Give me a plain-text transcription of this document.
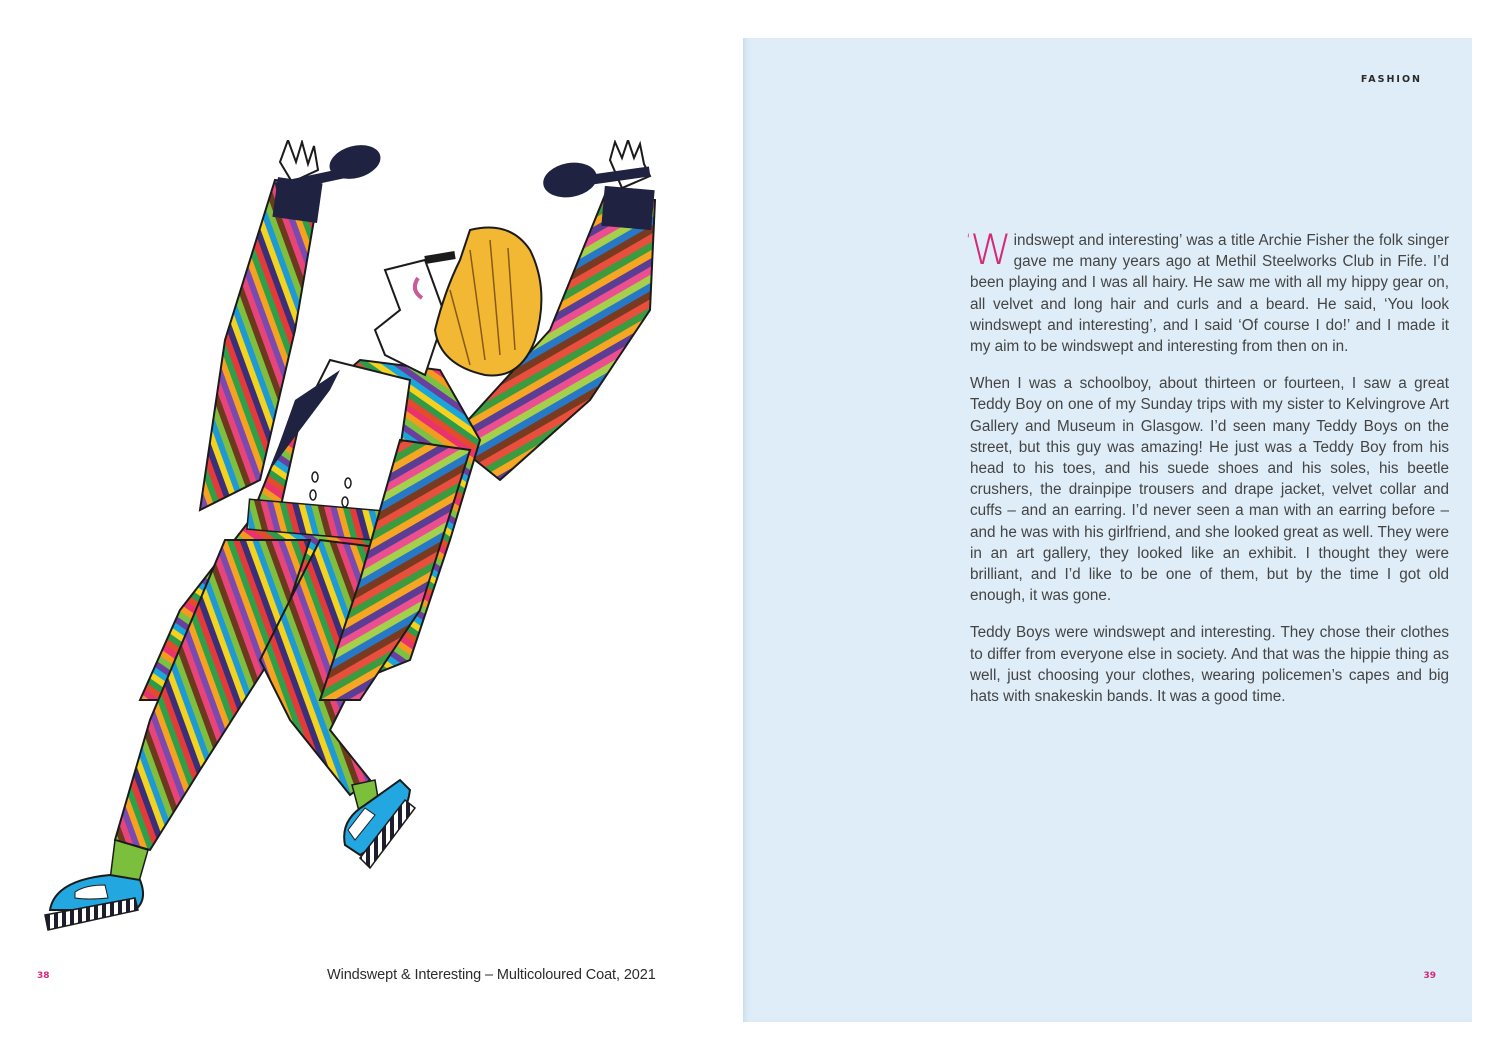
38	Windswept & Interesting – Multicoloured Coat, 2021
FASHION

‘W indswept and interesting’ was a title Archie Fisher the folk singer gave me many years ago at Methil Steelworks Club in Fife. I’d been playing and I was all hairy. He saw me with all my hippy gear on, all velvet and long hair and curls and a beard. He said, ‘You look windswept and interesting’, and I said ‘Of course I do!’ and I made it my aim to be windswept and interesting from then on in.

When I was a schoolboy, about thirteen or fourteen, I saw a great Teddy Boy on one of my Sunday trips with my sister to Kelvingrove Art Gallery and Museum in Glasgow. I’d seen many Teddy Boys on the street, but this guy was amazing! He just was a Teddy Boy from his head to his toes, and his suede shoes and his soles, his beetle crushers, the drainpipe trousers and drape jacket, velvet collar and cuffs – and an earring. I’d never seen a man with an earring before – and he was with his girlfriend, and she looked great as well. They were in an art gallery, they looked like an exhibit. I thought they were brilliant, and I’d like to be one of them, but by the time I got old enough, it was gone.

Teddy Boys were windswept and interesting. They chose their clothes to differ from everyone else in society. And that was the hippie thing as well, just choosing your clothes, wearing policemen’s capes and big hats with snakeskin bands. It was a good time.

39
